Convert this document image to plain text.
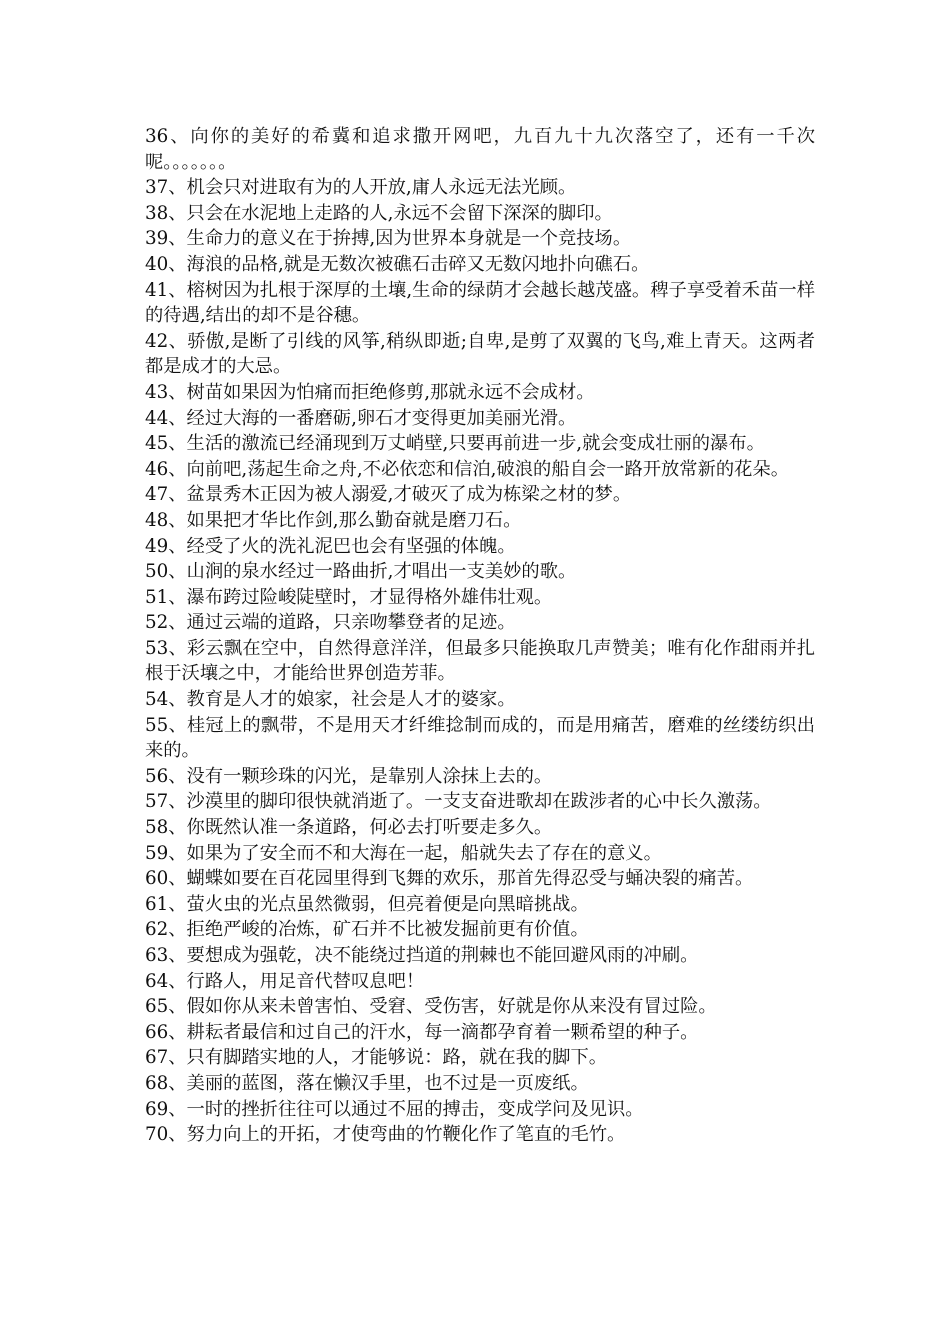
36、向你的美好的希冀和追求撒开网吧，九百九十九次落空了，还有一千次呢。。。。。。。

37、机会只对进取有为的人开放,庸人永远无法光顾。

38、只会在水泥地上走路的人,永远不会留下深深的脚印。

39、生命力的意义在于拚搏,因为世界本身就是一个竞技场。

40、海浪的品格,就是无数次被礁石击碎又无数闪地扑向礁石。

41、榕树因为扎根于深厚的土壤,生命的绿荫才会越长越茂盛。稗子享受着禾苗一样的待遇,结出的却不是谷穗。

42、骄傲,是断了引线的风筝,稍纵即逝;自卑,是剪了双翼的飞鸟,难上青天。这两者都是成才的大忌。

43、树苗如果因为怕痛而拒绝修剪,那就永远不会成材。

44、经过大海的一番磨砺,卵石才变得更加美丽光滑。

45、生活的激流已经涌现到万丈峭壁,只要再前进一步,就会变成壮丽的瀑布。

46、向前吧,荡起生命之舟,不必依恋和信泊,破浪的船自会一路开放常新的花朵。

47、盆景秀木正因为被人溺爱,才破灭了成为栋梁之材的梦。

48、如果把才华比作剑,那么勤奋就是磨刀石。

49、经受了火的洗礼泥巴也会有坚强的体魄。

50、山涧的泉水经过一路曲折,才唱出一支美妙的歌。

51、瀑布跨过险峻陡壁时，才显得格外雄伟壮观。

52、通过云端的道路，只亲吻攀登者的足迹。

53、彩云飘在空中，自然得意洋洋，但最多只能换取几声赞美；唯有化作甜雨并扎根于沃壤之中，才能给世界创造芳菲。

54、教育是人才的娘家，社会是人才的婆家。

55、桂冠上的飘带，不是用天才纤维捻制而成的，而是用痛苦，磨难的丝缕纺织出来的。

56、没有一颗珍珠的闪光，是靠别人涂抹上去的。

57、沙漠里的脚印很快就消逝了。一支支奋进歌却在跋涉者的心中长久激荡。

58、你既然认准一条道路，何必去打听要走多久。

59、如果为了安全而不和大海在一起，船就失去了存在的意义。

60、蝴蝶如要在百花园里得到飞舞的欢乐，那首先得忍受与蛹决裂的痛苦。

61、萤火虫的光点虽然微弱，但亮着便是向黑暗挑战。

62、拒绝严峻的冶炼，矿石并不比被发掘前更有价值。

63、要想成为强乾，决不能绕过挡道的荆棘也不能回避风雨的冲刷。

64、行路人，用足音代替叹息吧！

65、假如你从来未曾害怕、受窘、受伤害，好就是你从来没有冒过险。

66、耕耘者最信和过自己的汗水，每一滴都孕育着一颗希望的种子。

67、只有脚踏实地的人，才能够说：路，就在我的脚下。

68、美丽的蓝图，落在懒汉手里，也不过是一页废纸。

69、一时的挫折往往可以通过不屈的搏击，变成学问及见识。

70、努力向上的开拓，才使弯曲的竹鞭化作了笔直的毛竹。
